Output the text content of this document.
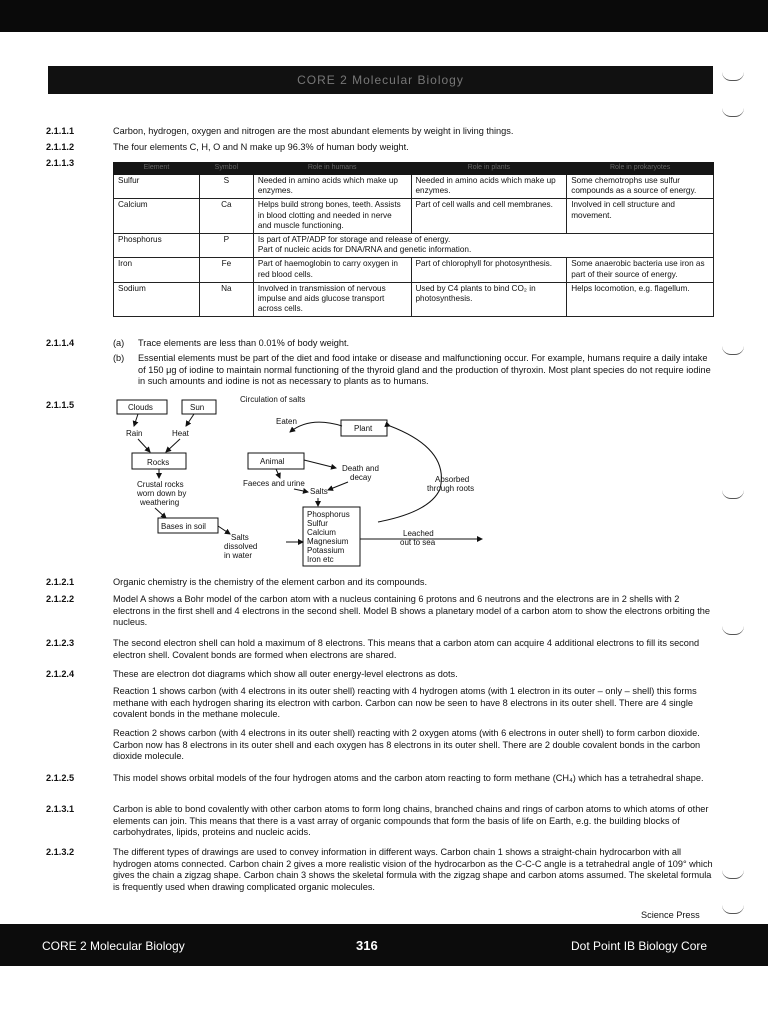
CORE 2 Molecular Biology
2.1.1.1	Carbon, hydrogen, oxygen and nitrogen are the most abundant elements by weight in living things.
2.1.1.2	The four elements C, H, O and N make up 96.3% of human body weight.
2.1.1.3	Element	Symbol	Role in humans	Role in plants	Role in prokaryotes
Sulfur	S	Needed in amino acids which make up enzymes.	Needed in amino acids which make up enzymes.	Some chemotrophs use sulfur compounds as a source of energy.
Calcium	Ca	Helps build strong bones, teeth. Assists in blood clotting and needed in nerve and muscle functioning.	Part of cell walls and cell membranes.	Involved in cell structure and movement.
Phosphorus	P	Is part of ATP/ADP for storage and release of energy.
Part of nucleic acids for DNA/RNA and genetic information.		

Iron	Fe	Part of haemoglobin to carry oxygen in red blood cells.	Part of chlorophyll for photosynthesis.	Some anaerobic bacteria use iron as part of their source of energy.
Sodium	Na	Involved in transmission of nervous impulse and aids glucose transport across cells.	Used by C4 plants to bind CO₂ in photosynthesis.	Helps locomotion, e.g. flagellum.
2.1.1.4	(a) Trace elements are less than 0.01% of body weight.
(b) Essential elements must be part of the diet and food intake or disease and malfunctioning occur. For example, humans require a daily intake of 150 μg of iodine to maintain normal functioning of the thyroid gland and the production of thyroxin. Most plant species do not require iodine in such amounts and iodine is not as necessary to plants as to humans.
2.1.1.5
Circulation of salts
Clouds	Sun
Rain	Heat
Rocks
Crustal rocks
worn down by
weathering
Bases in soil
Salts
dissolved
in water
Eaten
Plant
Animal
Death and
decay
Faeces and urine
Salts
Absorbed
through roots
Phosphorus
Sulfur
Calcium
Magnesium
Potassium
Iron etc
Leached
out to sea
2.1.2.1	Organic chemistry is the chemistry of the element carbon and its compounds.
2.1.2.2	Model A shows a Bohr model of the carbon atom with a nucleus containing 6 protons and 6 neutrons and the electrons are in 2 shells with 2 electrons in the first shell and 4 electrons in the second shell. Model B shows a planetary model of a carbon atom to show the electrons orbiting the nucleus.
2.1.2.3	The second electron shell can hold a maximum of 8 electrons. This means that a carbon atom can acquire 4 additional electrons to fill its second electron shell. Covalent bonds are formed when electrons are shared.
2.1.2.4	These are electron dot diagrams which show all outer energy-level electrons as dots.
Reaction 1 shows carbon (with 4 electrons in its outer shell) reacting with 4 hydrogen atoms (with 1 electron in its outer – only – shell) this forms methane with each hydrogen sharing its electron with carbon. Carbon can now be seen to have 8 electrons in its outer shell. There are 4 single covalent bonds in the methane molecule.
Reaction 2 shows carbon (with 4 electrons in its outer shell) reacting with 2 oxygen atoms (with 6 electrons in outer shell) to form carbon dioxide. Carbon now has 8 electrons in its outer shell and each oxygen has 8 electrons in its outer shell. There are 2 double covalent bonds in the carbon dioxide molecule.
2.1.2.5	This model shows orbital models of the four hydrogen atoms and the carbon atom reacting to form methane (CH₄) which has a tetrahedral shape.
2.1.3.1	Carbon is able to bond covalently with other carbon atoms to form long chains, branched chains and rings of carbon atoms to which atoms of other elements can join. This means that there is a vast array of organic compounds that form the basis of life on Earth, e.g. the building blocks of carbohydrates, lipids, proteins and nucleic acids.
2.1.3.2	The different types of drawings are used to convey information in different ways. Carbon chain 1 shows a straight-chain hydrocarbon with all hydrogen atoms connected. Carbon chain 2 gives a more realistic vision of the hydrocarbon as the C-C-C angle is a tetrahedral angle of 109° which gives the chain a zigzag shape. Carbon chain 3 shows the skeletal formula with the zigzag shape and carbon atoms assumed. The skeletal formula is frequently used when drawing complicated organic molecules.
Science Press
CORE 2 Molecular Biology	316	Dot Point IB Biology Core
